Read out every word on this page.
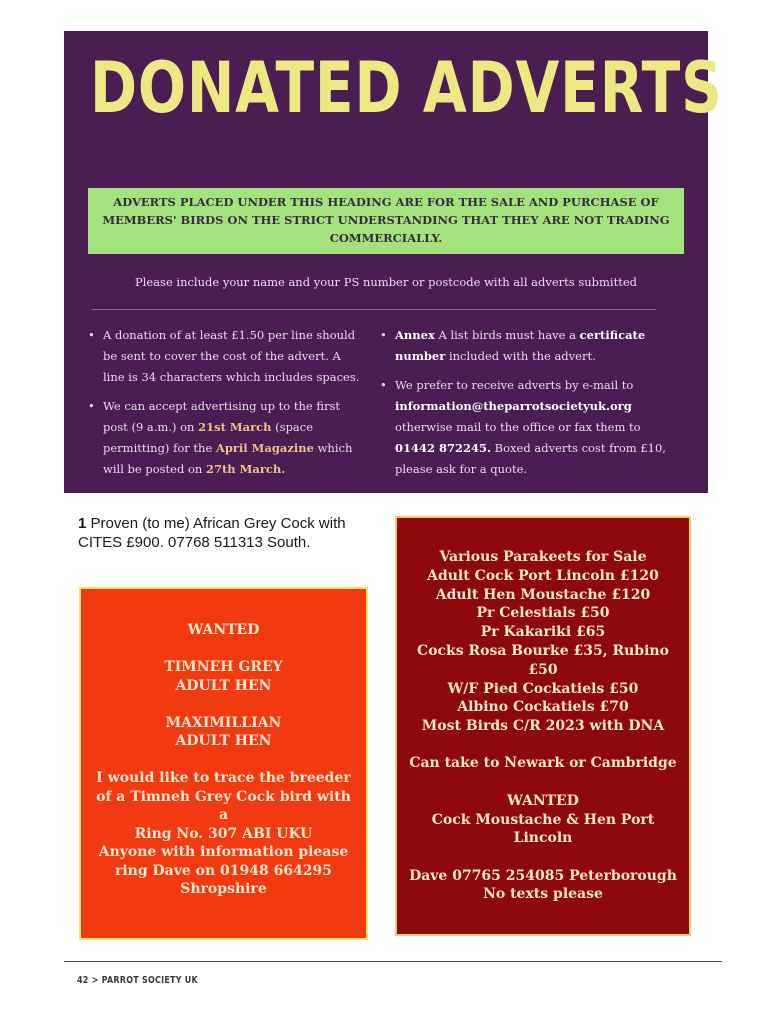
DONATED ADVERTS
ADVERTS PLACED UNDER THIS HEADING ARE FOR THE SALE AND PURCHASE OF MEMBERS' BIRDS ON THE STRICT UNDERSTANDING THAT THEY ARE NOT TRADING COMMERCIALLY.
Please include your name and your PS number or postcode with all adverts submitted
• A donation of at least £1.50 per line should be sent to cover the cost of the advert. A line is 34 characters which includes spaces.
• We can accept advertising up to the first post (9 a.m.) on 21st March (space permitting) for the April Magazine which will be posted on 27th March.
• Annex A list birds must have a certificate number included with the advert.
• We prefer to receive adverts by e-mail to information@theparrotsocietyuk.org otherwise mail to the office or fax them to 01442 872245. Boxed adverts cost from £10, please ask for a quote.
1 Proven (to me) African Grey Cock with CITES £900. 07768 511313 South.
WANTED
TIMNEH GREY
ADULT HEN
MAXIMILLIAN
ADULT HEN
I would like to trace the breeder of a Timneh Grey Cock bird with a
Ring No. 307 ABI UKU
Anyone with information please ring Dave on 01948 664295
Shropshire
Various Parakeets for Sale
Adult Cock Port Lincoln £120
Adult Hen Moustache £120
Pr Celestials £50
Pr Kakariki £65
Cocks Rosa Bourke £35, Rubino £50
W/F Pied Cockatiels £50
Albino Cockatiels £70
Most Birds C/R 2023 with DNA
Can take to Newark or Cambridge
WANTED
Cock Moustache & Hen Port Lincoln
Dave 07765 254085 Peterborough
No texts please
42 > PARROT SOCIETY UK
